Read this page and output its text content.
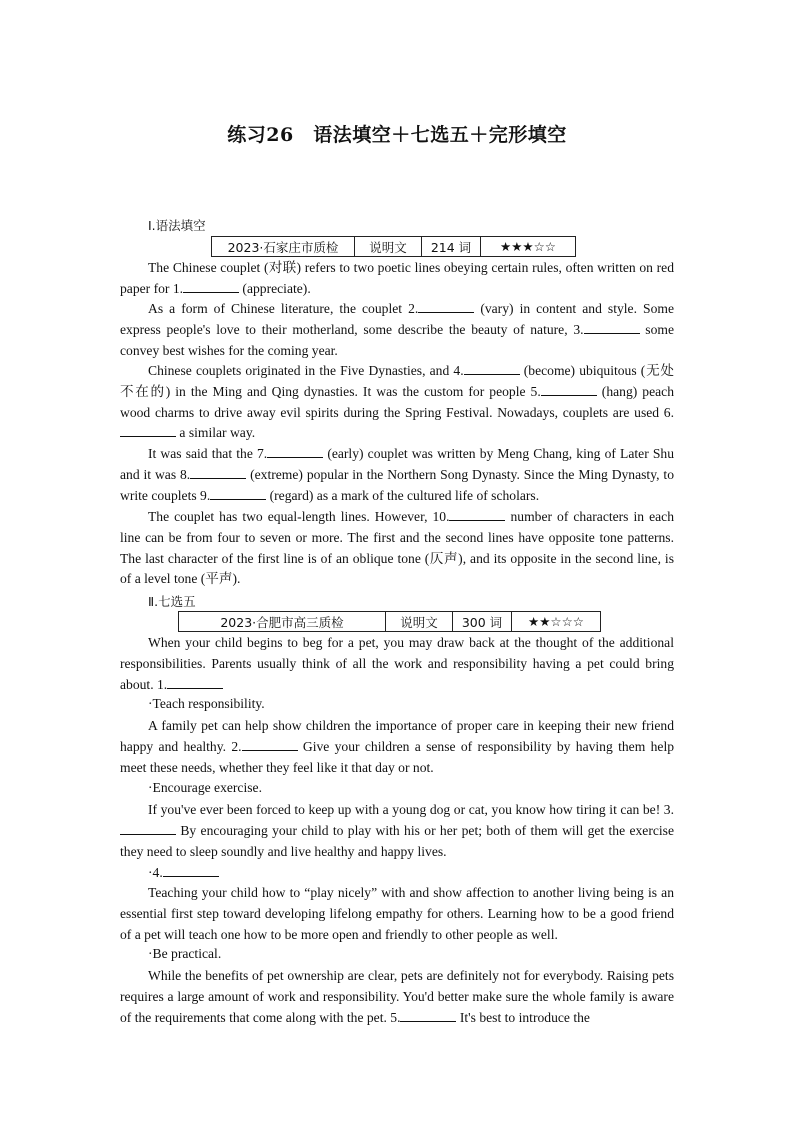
练习26　语法填空＋七选五＋完形填空
Ⅰ.语法填空
2023·石家庄市质检	说明文	214 词	★★★☆☆

The Chinese couplet (对联) refers to two poetic lines obeying certain rules, often written on red paper for 1.	(appreciate).

As a form of Chinese literature, the couplet 2.	(vary) in content and style. Some express people's love to their motherland, some describe the beauty of nature, 3.	some convey best wishes for the coming year.

Chinese couplets originated in the Five Dynasties, and 4.	(become) ubiquitous (无处不在的) in the Ming and Qing dynasties. It was the custom for people 5.	(hang) peach wood charms to drive away evil spirits during the Spring Festival. Nowadays, couplets are used 6. a similar way.

It was said that the 7.	(early) couplet was written by Meng Chang, king of Later Shu and it was 8.	(extreme) popular in the Northern Song Dynasty. Since the Ming Dynasty, to write couplets 9.	(regard) as a mark of the cultured life of scholars.

The couplet has two equal-length lines. However, 10.	number of characters in each line can be from four to seven or more. The first and the second lines have opposite tone patterns. The last character of the first line is of an oblique tone (仄声), and its opposite in the second line, is of a level tone (平声).

Ⅱ.七选五
2023·合肥市高三质检	说明文	300 词	★★☆☆☆

When your child begins to beg for a pet, you may draw back at the thought of the additional responsibilities. Parents usually think of all the work and responsibility having a pet could bring about. 1.

·Teach responsibility.

A family pet can help show children the importance of proper care in keeping their new friend happy and healthy. 2.	Give your children a sense of responsibility by having them help meet these needs, whether they feel like it that day or not.

·Encourage exercise.

If you've ever been forced to keep up with a young dog or cat, you know how tiring it can be! 3. By encouraging your child to play with his or her pet; both of them will get the exercise they need to sleep soundly and live healthy and happy lives.

·4.

Teaching your child how to “play nicely” with and show affection to another living being is an essential first step toward developing lifelong empathy for others. Learning how to be a good friend of a pet will teach one how to be more open and friendly to other people as well.

·Be practical.

While the benefits of pet ownership are clear, pets are definitely not for everybody. Raising pets requires a large amount of work and responsibility. You'd better make sure the whole family is aware of the requirements that come along with the pet. 5.	It's best to introduce the
